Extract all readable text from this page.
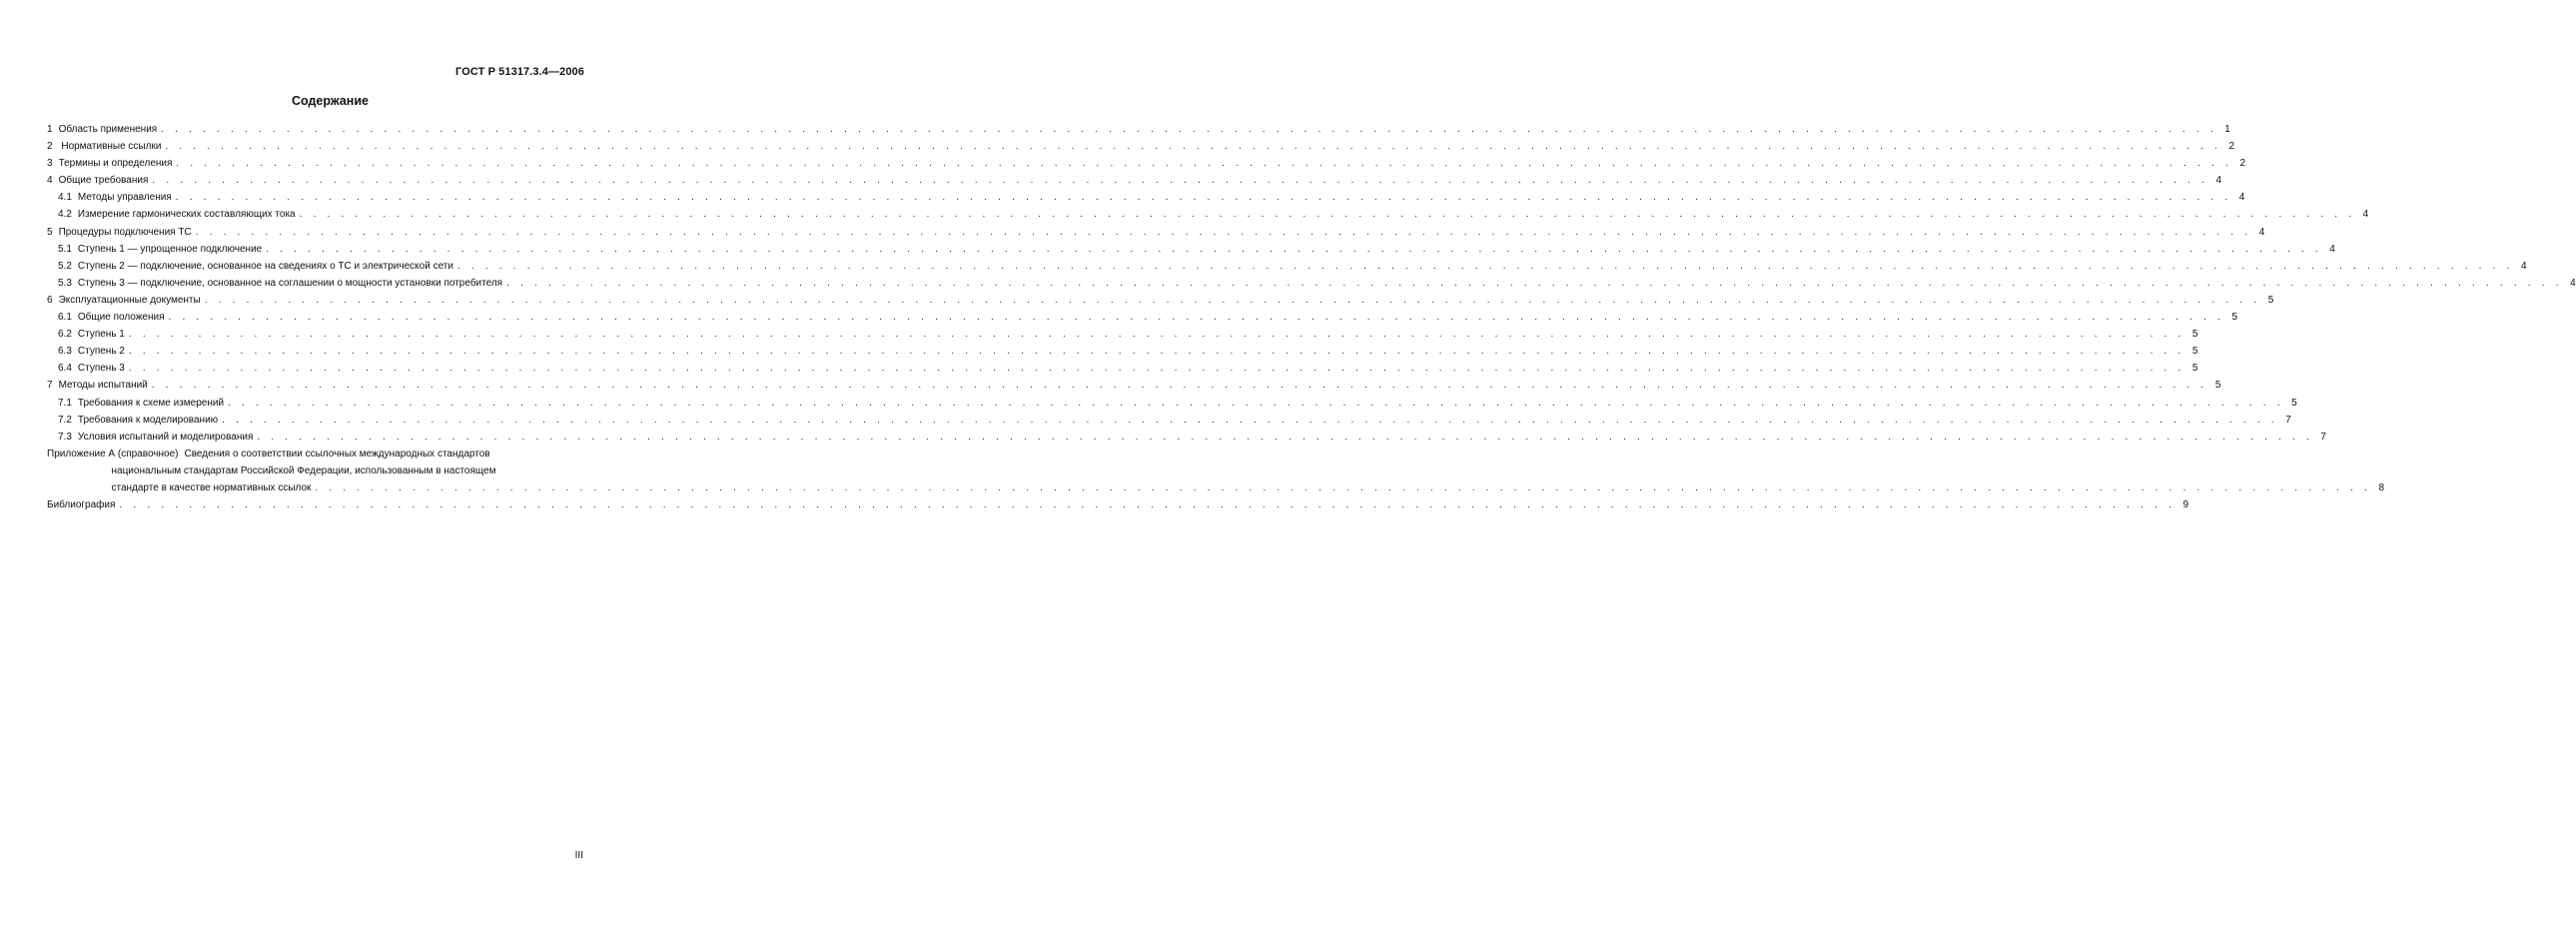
ГОСТ Р 51317.3.4—2006
Содержание
1 Область применения . . .	1
2 Нормативные ссылки . . .	2
3 Термины и определения . . .	2
4 Общие требования . . .	4
4.1 Методы управления . . .	4
4.2 Измерение гармонических составляющих тока . . .	4
5 Процедуры подключения ТС . . .	4
5.1 Ступень 1 — упрощенное подключение . . .	4
5.2 Ступень 2 — подключение, основанное на сведениях о ТС и электрической сети . . .	4
5.3 Ступень 3 — подключение, основанное на соглашении о мощности установки потребителя . . .	4
6 Эксплуатационные документы . . .	5
6.1 Общие положения . . .	5
6.2 Ступень 1 . . .	5
6.3 Ступень 2 . . .	5
6.4 Ступень 3 . . .	5
7 Методы испытаний . . .	5
7.1 Требования к схеме измерений . . .	5
7.2 Требования к моделированию . . .	7
7.3 Условия испытаний и моделирования . . .	7
Приложение А (справочное) Сведения о соответствии ссылочных международных стандартов
национальным стандартам Российской Федерации, использованным в настоящем
стандарте в качестве нормативных ссылок . . .	8
Библиография . . .	9
III
